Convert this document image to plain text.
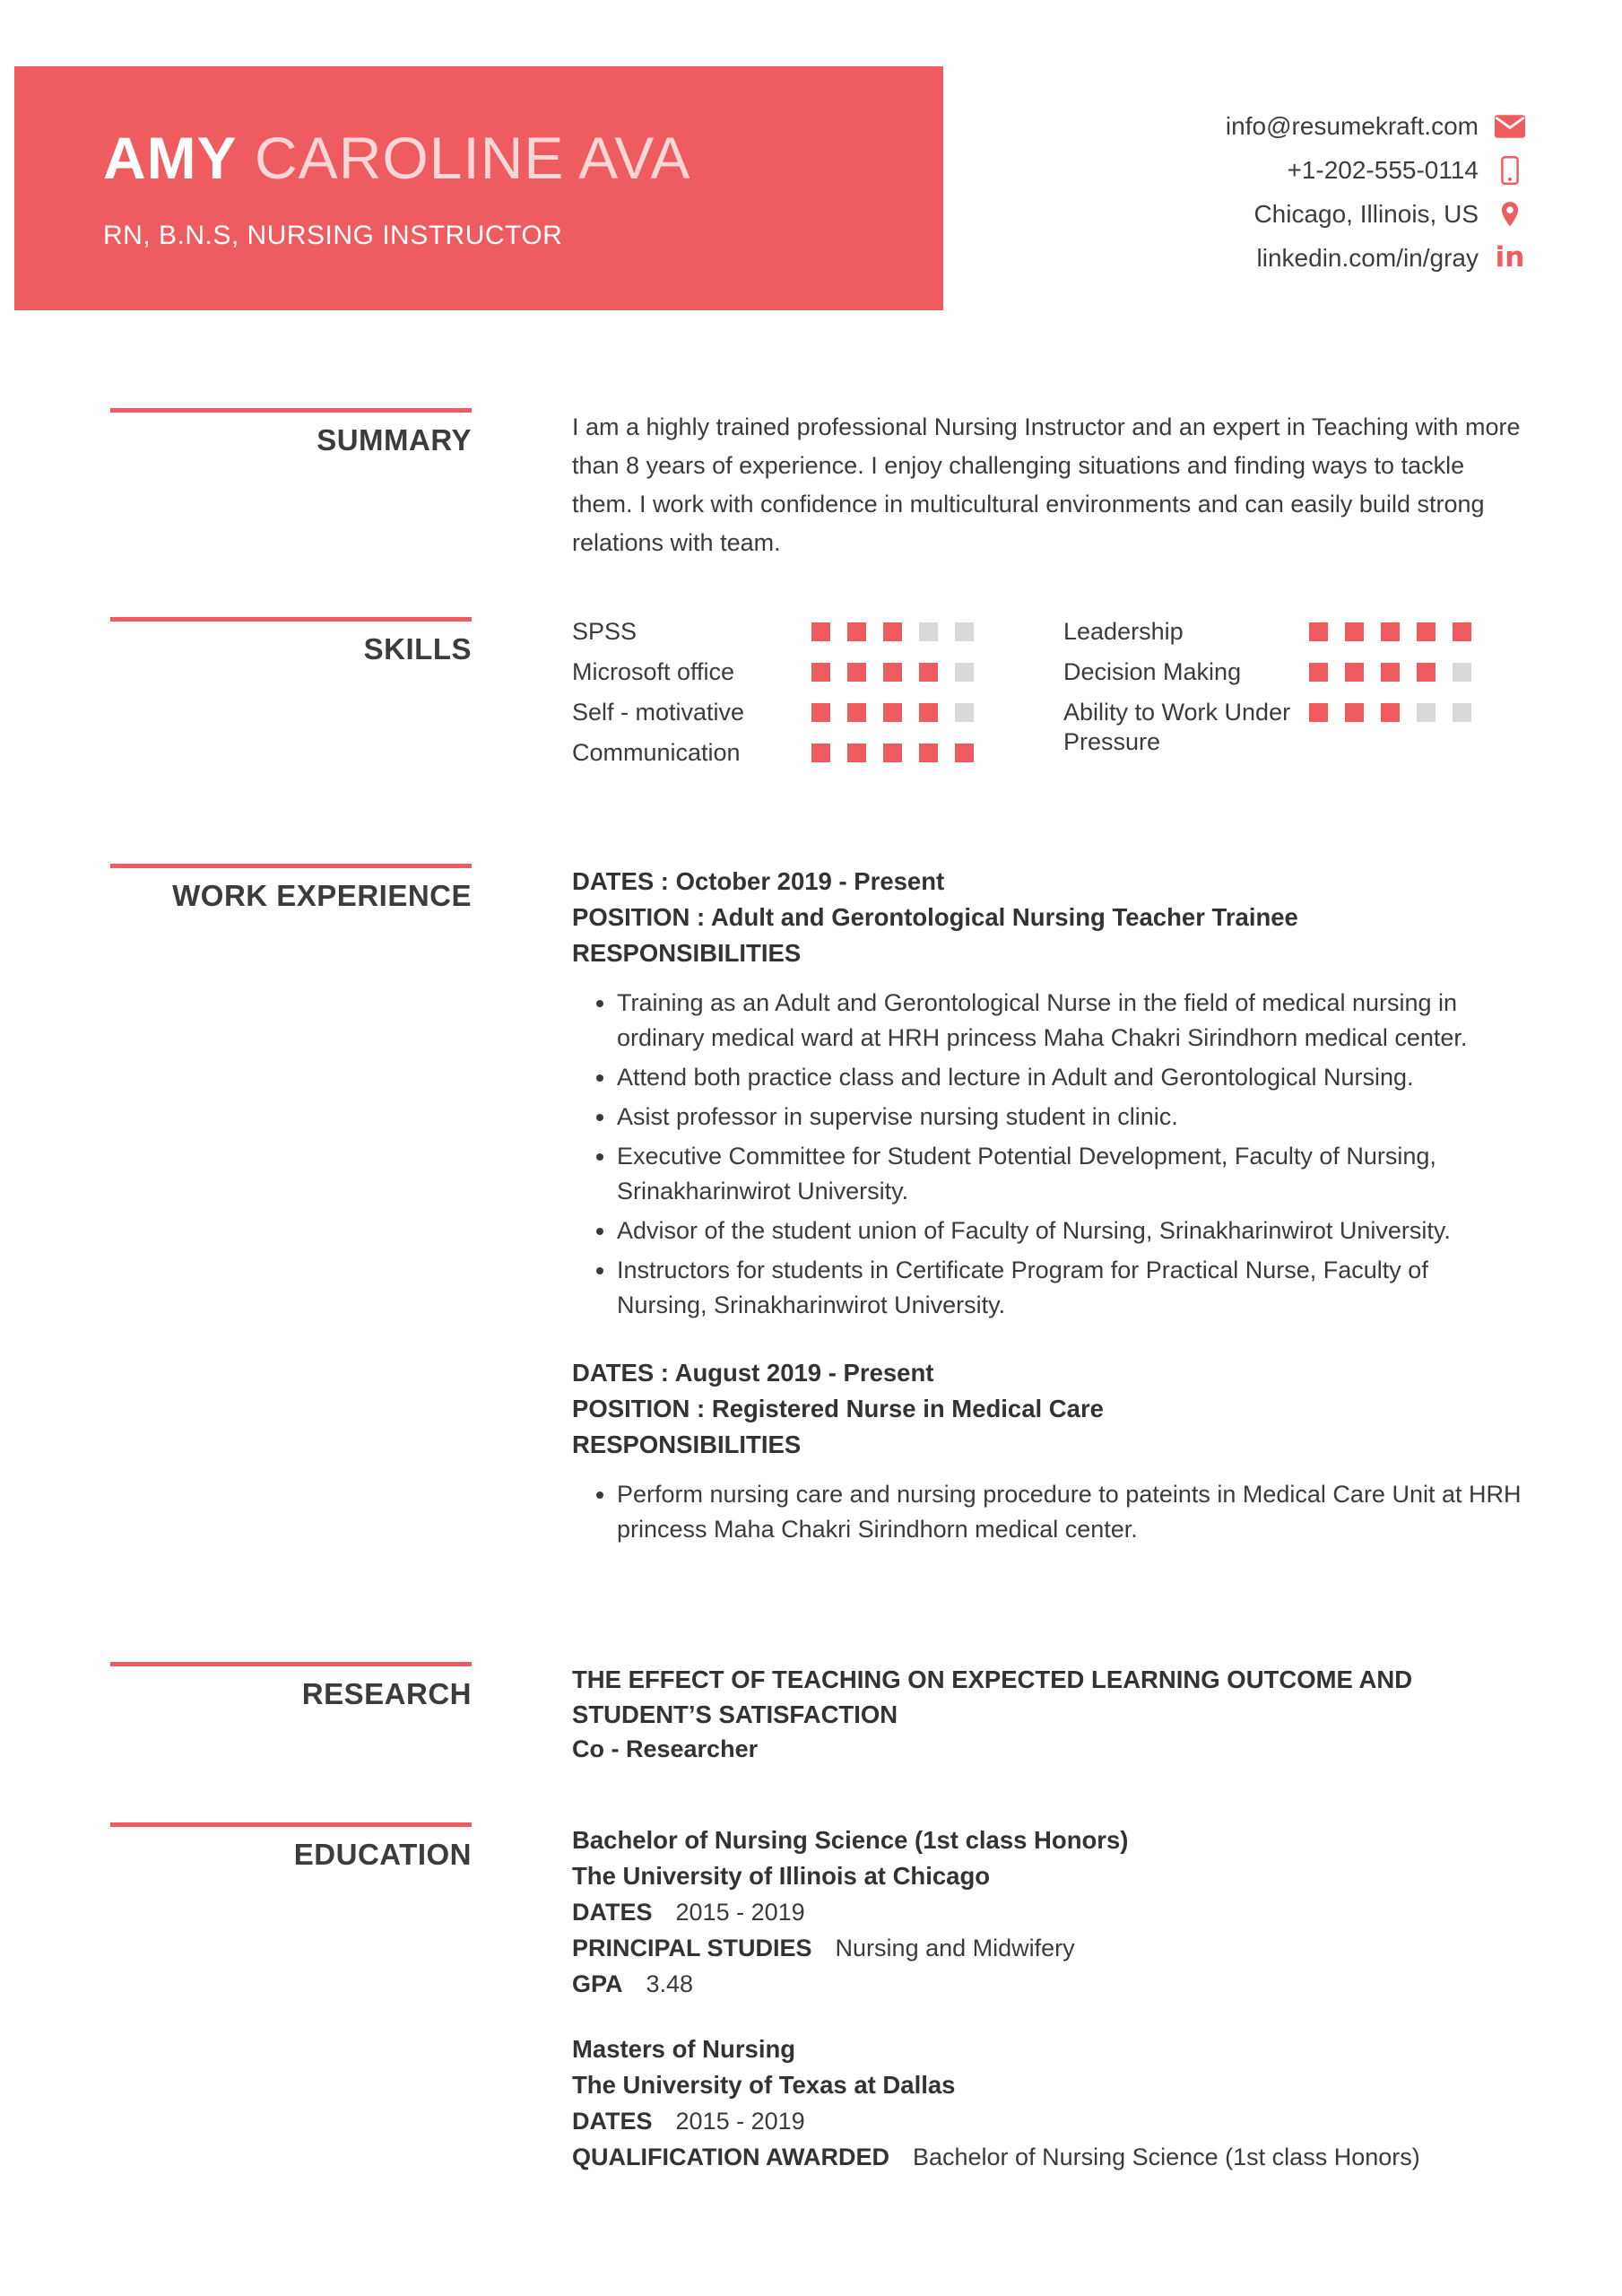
AMY CAROLINE AVA
RN, B.N.S, NURSING INSTRUCTOR
info@resumekraft.com
+1-202-555-0114
Chicago, Illinois, US
linkedin.com/in/gray in
SUMMARY	I am a highly trained professional Nursing Instructor and an expert in Teaching with more than 8 years of experience. I enjoy challenging situations and finding ways to tackle them. I work with confidence in multicultural environments and can easily build strong relations with team.
SKILLS
SPSS
Microsoft office
Self - motivative
Communication
Leadership
Decision Making
Ability to Work Under Pressure
WORK EXPERIENCE	DATES : October 2019 - Present
POSITION : Adult and Gerontological Nursing Teacher Trainee
RESPONSIBILITIES
• Training as an Adult and Gerontological Nurse in the field of medical nursing in ordinary medical ward at HRH princess Maha Chakri Sirindhorn medical center.
• Attend both practice class and lecture in Adult and Gerontological Nursing.
• Asist professor in supervise nursing student in clinic.
• Executive Committee for Student Potential Development, Faculty of Nursing, Srinakharinwirot University.
• Advisor of the student union of Faculty of Nursing, Srinakharinwirot University.
• Instructors for students in Certificate Program for Practical Nurse, Faculty of Nursing, Srinakharinwirot University.
DATES : August 2019 - Present
POSITION : Registered Nurse in Medical Care
RESPONSIBILITIES
• Perform nursing care and nursing procedure to pateints in Medical Care Unit at HRH princess Maha Chakri Sirindhorn medical center.
RESEARCH	THE EFFECT OF TEACHING ON EXPECTED LEARNING OUTCOME AND STUDENT’S SATISFACTION
Co - Researcher
EDUCATION	Bachelor of Nursing Science (1st class Honors)
The University of Illinois at Chicago
DATES 2015 - 2019
PRINCIPAL STUDIES Nursing and Midwifery
GPA 3.48
Masters of Nursing
The University of Texas at Dallas
DATES 2015 - 2019
QUALIFICATION AWARDED Bachelor of Nursing Science (1st class Honors)
